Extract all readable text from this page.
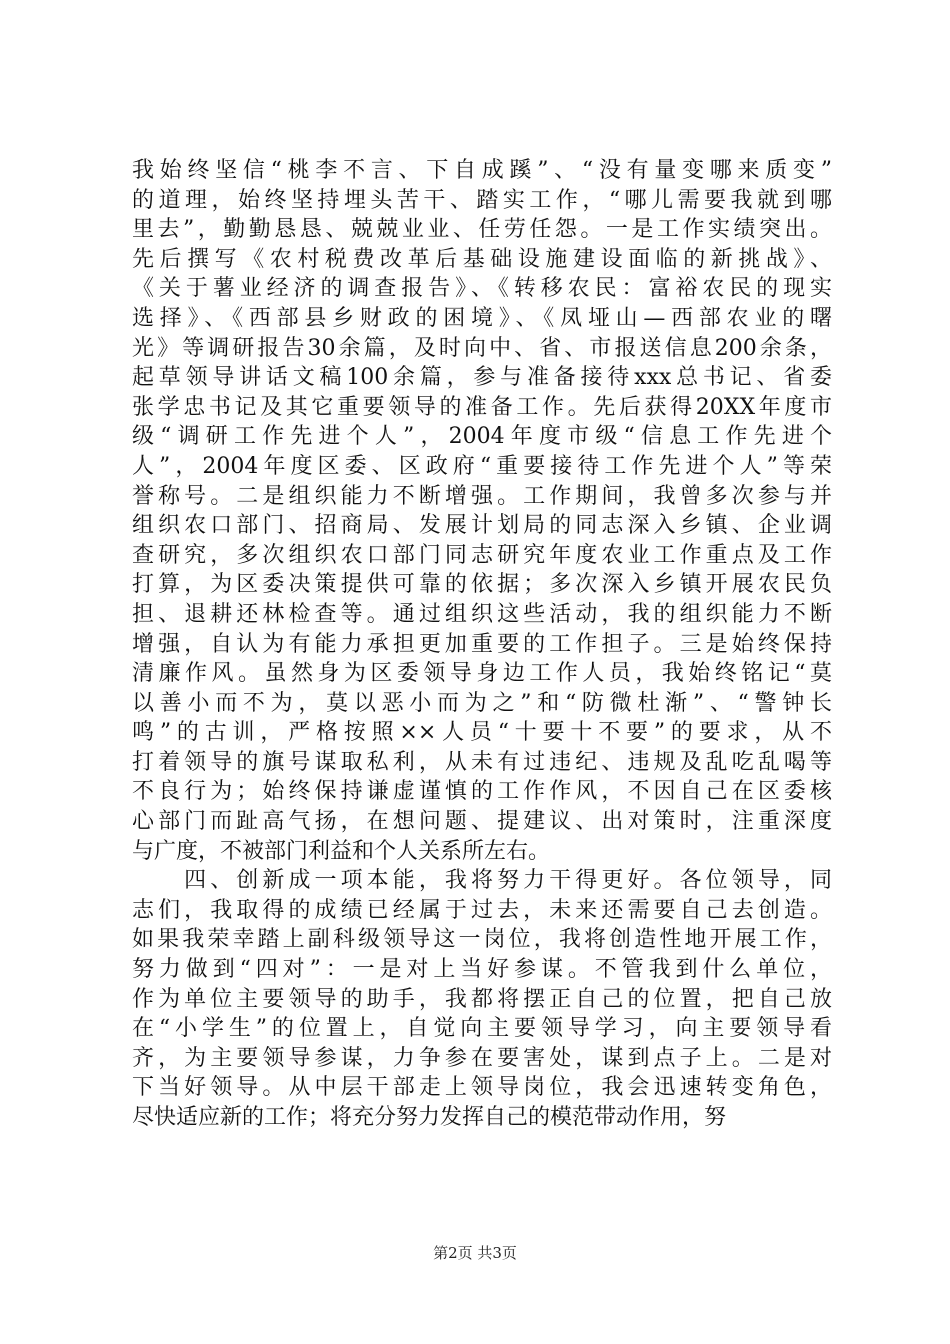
我始终坚信“桃李不言、下自成蹊”、“没有量变哪来质变”
的道理，始终坚持埋头苦干、踏实工作，“哪儿需要我就到哪
里去”，勤勤恳恳、兢兢业业、任劳任怨。一是工作实绩突出。
先后撰写《农村税费改革后基础设施建设面临的新挑战》、
《关于薯业经济的调查报告》、《转移农民：富裕农民的现实
选择》、《西部县乡财政的困境》、《凤垭山—西部农业的曙
光》等调研报告30余篇，及时向中、省、市报送信息200余条，
起草领导讲话文稿100余篇，参与准备接待xxx总书记、省委
张学忠书记及其它重要领导的准备工作。先后获得20XX年度市
级“调研工作先进个人”，2004年度市级“信息工作先进个
人”，2004年度区委、区政府“重要接待工作先进个人”等荣
誉称号。二是组织能力不断增强。工作期间，我曾多次参与并
组织农口部门、招商局、发展计划局的同志深入乡镇、企业调
查研究，多次组织农口部门同志研究年度农业工作重点及工作
打算，为区委决策提供可靠的依据；多次深入乡镇开展农民负
担、退耕还林检查等。通过组织这些活动，我的组织能力不断
增强，自认为有能力承担更加重要的工作担子。三是始终保持
清廉作风。虽然身为区委领导身边工作人员，我始终铭记“莫
以善小而不为，莫以恶小而为之”和“防微杜渐”、“警钟长
鸣”的古训，严格按照××人员“十要十不要”的要求，从不
打着领导的旗号谋取私利，从未有过违纪、违规及乱吃乱喝等
不良行为；始终保持谦虚谨慎的工作作风，不因自己在区委核
心部门而趾高气扬，在想问题、提建议、出对策时，注重深度
与广度，不被部门利益和个人关系所左右。
　　四、创新成一项本能，我将努力干得更好。各位领导，同
志们，我取得的成绩已经属于过去，未来还需要自己去创造。
如果我荣幸踏上副科级领导这一岗位，我将创造性地开展工作，
努力做到“四对”：一是对上当好参谋。不管我到什么单位，
作为单位主要领导的助手，我都将摆正自己的位置，把自己放
在“小学生”的位置上，自觉向主要领导学习，向主要领导看
齐，为主要领导参谋，力争参在要害处，谋到点子上。二是对
下当好领导。从中层干部走上领导岗位，我会迅速转变角色，
尽快适应新的工作；将充分努力发挥自己的模范带动作用，努
第2页 共3页
